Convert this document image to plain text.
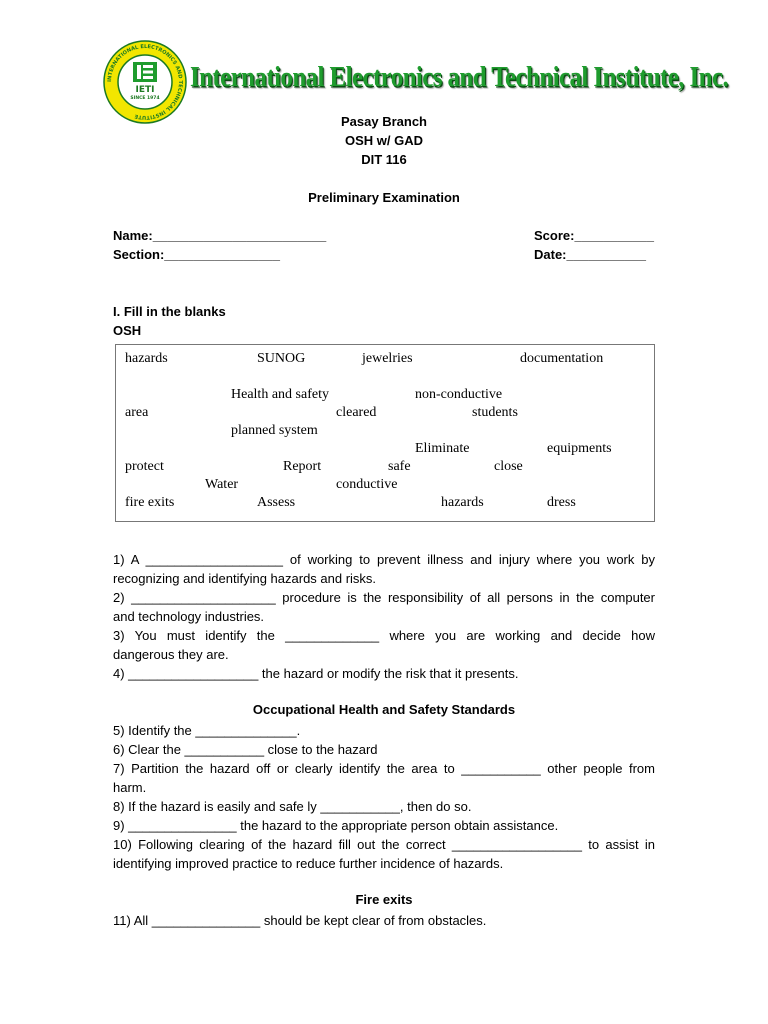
INTERNATIONAL ELECTRONICS AND TECHNICAL INSTITUTE
IETI
SINCE 1974
International Electronics and Technical Institute, Inc.
Pasay Branch
OSH w/ GAD
DIT 116
Preliminary Examination
Name:________________________
Section:________________
Score:___________
Date:___________
I. Fill in the blanks
OSH
hazards	SUNOG	jewelries	documentation
Health and safety	non-conductive
area	cleared	students
planned system
Eliminate	equipments
protect	Report	safe	close
Water	conductive
fire exits	Assess	hazards	dress
1) A ___________________ of working to prevent illness and injury where you work by
recognizing and identifying hazards and risks.
2) ____________________ procedure is the responsibility of all persons in the computer
and technology industries.
3) You must identify the _____________ where you are working and decide how
dangerous they are.
4) __________________ the hazard or modify the risk that it presents.
Occupational Health and Safety Standards
5) Identify the ______________.
6) Clear the ___________ close to the hazard
7) Partition the hazard off or clearly identify the area to ___________ other people from
harm.
8) If the hazard is easily and safe ly ___________, then do so.
9) _______________ the hazard to the appropriate person obtain assistance.
10) Following clearing of the hazard fill out the correct __________________ to assist in
identifying improved practice to reduce further incidence of hazards.
Fire exits
11) All _______________ should be kept clear of from obstacles.
